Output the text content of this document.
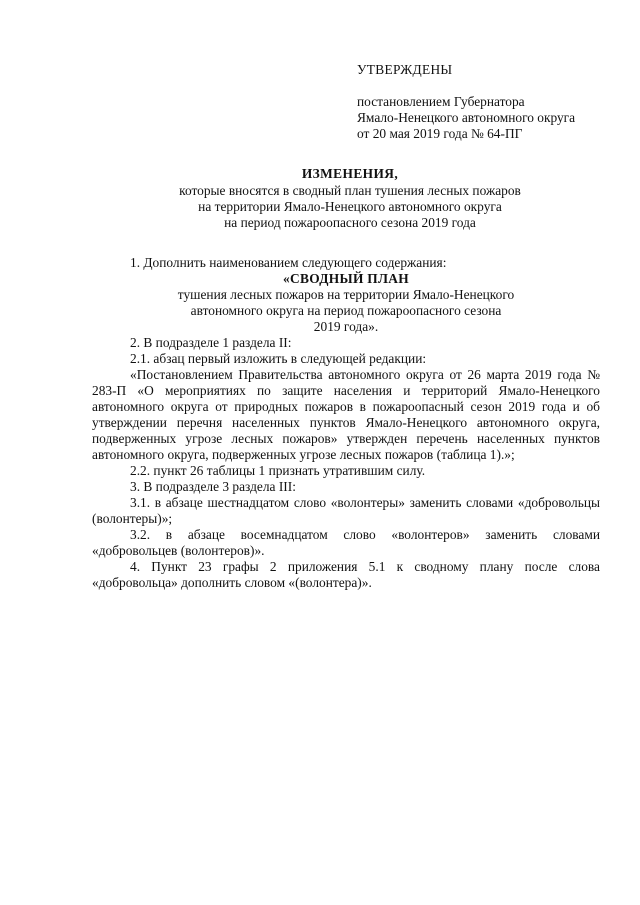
УТВЕРЖДЕНЫ
постановлением Губернатора
Ямало-Ненецкого автономного округа
от 20 мая 2019 года № 64-ПГ
ИЗМЕНЕНИЯ,
которые вносятся в сводный план тушения лесных пожаров
на территории Ямало-Ненецкого автономного округа
на период пожароопасного сезона 2019 года

1. Дополнить наименованием следующего содержания:

«СВОДНЫЙ ПЛАН

тушения лесных пожаров на территории Ямало-Ненецкого

автономного округа на период пожароопасного сезона

2019 года».

2. В подразделе 1 раздела II:

2.1. абзац первый изложить в следующей редакции:

«Постановлением Правительства автономного округа от 26 марта 2019 года № 283-П «О мероприятиях по защите населения и территорий Ямало-Ненецкого автономного округа от природных пожаров в пожароопасный сезон 2019 года и об утверждении перечня населенных пунктов Ямало-Ненецкого автономного округа, подверженных угрозе лесных пожаров» утвержден перечень населенных пунктов автономного округа, подверженных угрозе лесных пожаров (таблица 1).»;

2.2. пункт 26 таблицы 1 признать утратившим силу.

3. В подразделе 3 раздела III:

3.1. в абзаце шестнадцатом слово «волонтеры» заменить словами «добровольцы (волонтеры)»;

3.2. в абзаце восемнадцатом слово «волонтеров» заменить словами «добровольцев (волонтеров)».

4. Пункт 23 графы 2 приложения 5.1 к сводному плану после слова «добровольца» дополнить словом «(волонтера)».
